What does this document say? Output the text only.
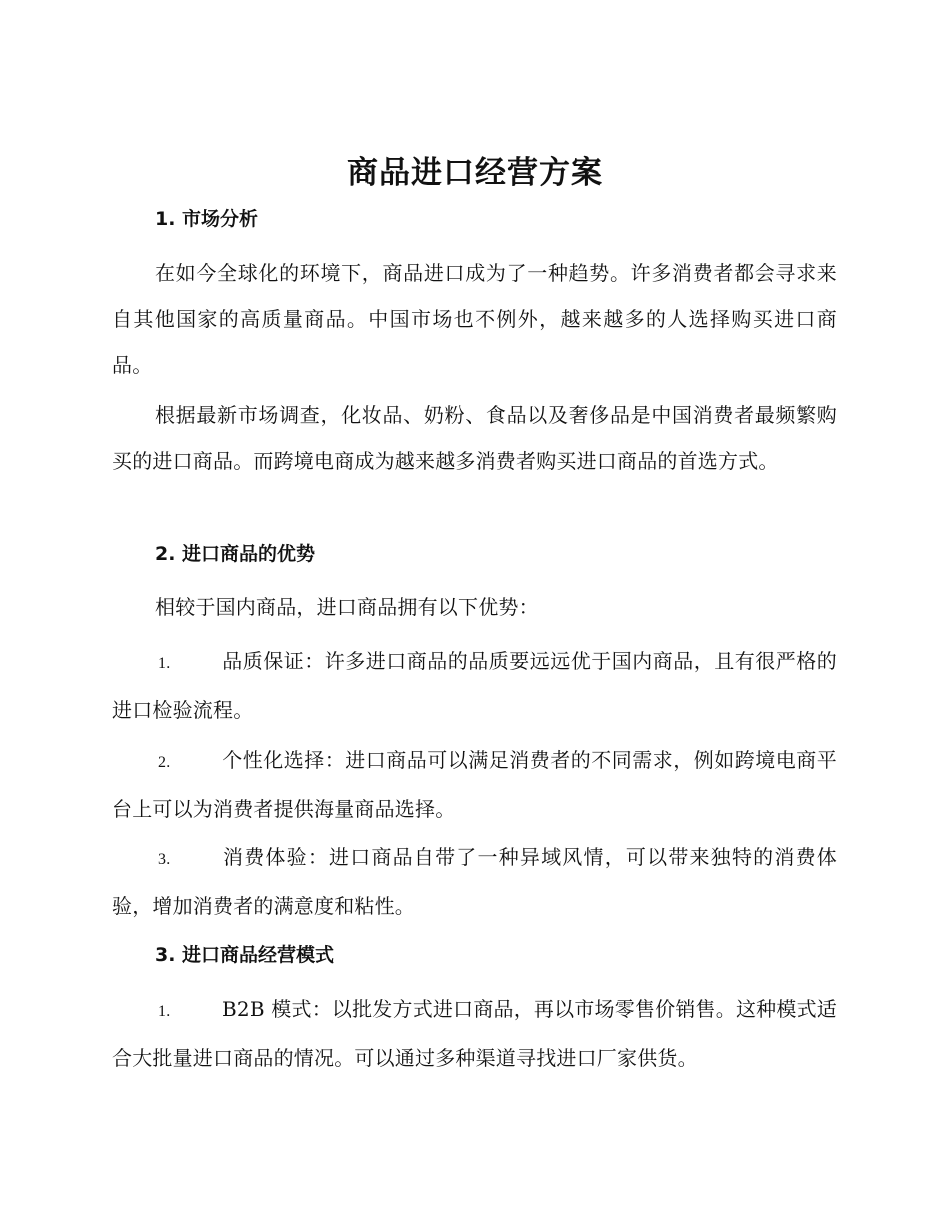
商品进口经营方案

1. 市场分析

在如今全球化的环境下，商品进口成为了一种趋势。许多消费者都会寻求来自其他国家的高质量商品。中国市场也不例外，越来越多的人选择购买进口商品。

根据最新市场调查，化妆品、奶粉、食品以及奢侈品是中国消费者最频繁购买的进口商品。而跨境电商成为越来越多消费者购买进口商品的首选方式。

2. 进口商品的优势

相较于国内商品，进口商品拥有以下优势：

1.	品质保证：许多进口商品的品质要远远优于国内商品，且有很严格的进口检验流程。

2.	个性化选择：进口商品可以满足消费者的不同需求，例如跨境电商平台上可以为消费者提供海量商品选择。

3.	消费体验：进口商品自带了一种异域风情，可以带来独特的消费体验，增加消费者的满意度和粘性。

3. 进口商品经营模式

1.	B2B 模式：以批发方式进口商品，再以市场零售价销售。这种模式适合大批量进口商品的情况。可以通过多种渠道寻找进口厂家供货。
